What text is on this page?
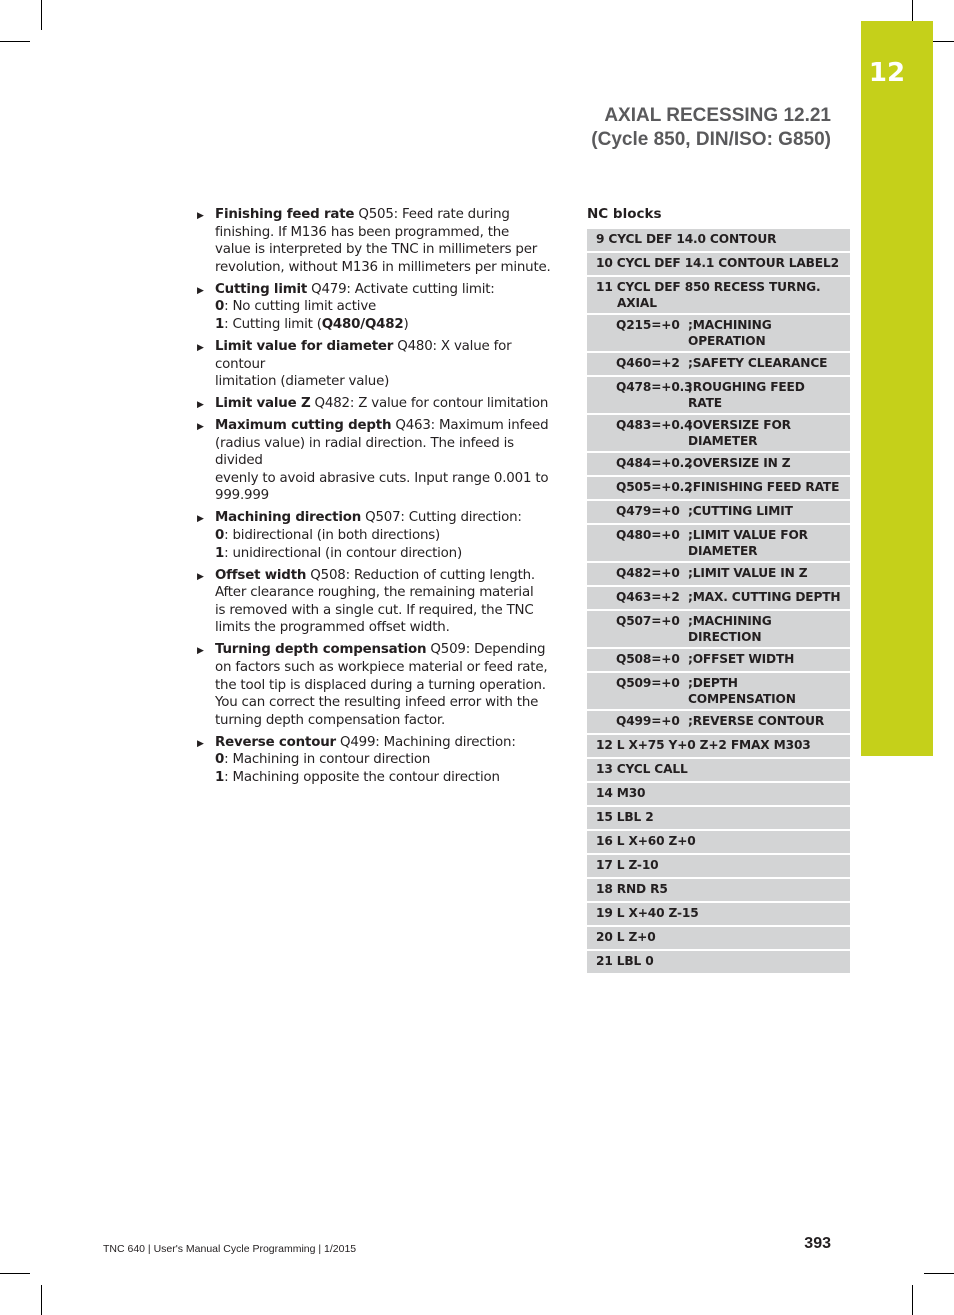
12
AXIAL RECESSING 12.21
(Cycle 850, DIN/ISO: G850)
▶ Finishing feed rate Q505: Feed rate during
finishing. If M136 has been programmed, the
value is interpreted by the TNC in millimeters per
revolution, without M136 in millimeters per minute.
▶ Cutting limit Q479: Activate cutting limit:
0: No cutting limit active
1: Cutting limit (Q480/Q482)
▶ Limit value for diameter Q480: X value for contour
limitation (diameter value)
▶ Limit value Z Q482: Z value for contour limitation
▶ Maximum cutting depth Q463: Maximum infeed
(radius value) in radial direction. The infeed is divided
evenly to avoid abrasive cuts. Input range 0.001 to
999.999
▶ Machining direction Q507: Cutting direction:
0: bidirectional (in both directions)
1: unidirectional (in contour direction)
▶ Offset width Q508: Reduction of cutting length.
After clearance roughing, the remaining material
is removed with a single cut. If required, the TNC
limits the programmed offset width.
▶ Turning depth compensation Q509: Depending
on factors such as workpiece material or feed rate,
the tool tip is displaced during a turning operation.
You can correct the resulting infeed error with the
turning depth compensation factor.
▶ Reverse contour Q499: Machining direction:
0: Machining in contour direction
1: Machining opposite the contour direction
NC blocks
9 CYCL DEF 14.0 CONTOUR
10 CYCL DEF 14.1 CONTOUR LABEL2
11 CYCL DEF 850 RECESS TURNG.
AXIAL
Q215=+0 ;MACHINING OPERATION
Q460=+2 ;SAFETY CLEARANCE
Q478=+0.3
;ROUGHING FEED RATE
Q483=+0.4
;OVERSIZE FOR DIAMETER
Q484=+0.2
;OVERSIZE IN Z
Q505=+0.2
;FINISHING FEED RATE
Q479=+0 ;CUTTING LIMIT
Q480=+0 ;LIMIT VALUE FOR DIAMETER
Q482=+0 ;LIMIT VALUE IN Z
Q463=+2 ;MAX. CUTTING DEPTH
Q507=+0 ;MACHINING DIRECTION
Q508=+0 ;OFFSET WIDTH
Q509=+0 ;DEPTH COMPENSATION
Q499=+0 ;REVERSE CONTOUR
12 L X+75 Y+0 Z+2 FMAX M303
13 CYCL CALL
14 M30
15 LBL 2
16 L X+60 Z+0
17 L Z-10
18 RND R5
19 L X+40 Z-15
20 L Z+0
21 LBL 0
TNC 640 | User's Manual Cycle Programming | 1/2015	393
